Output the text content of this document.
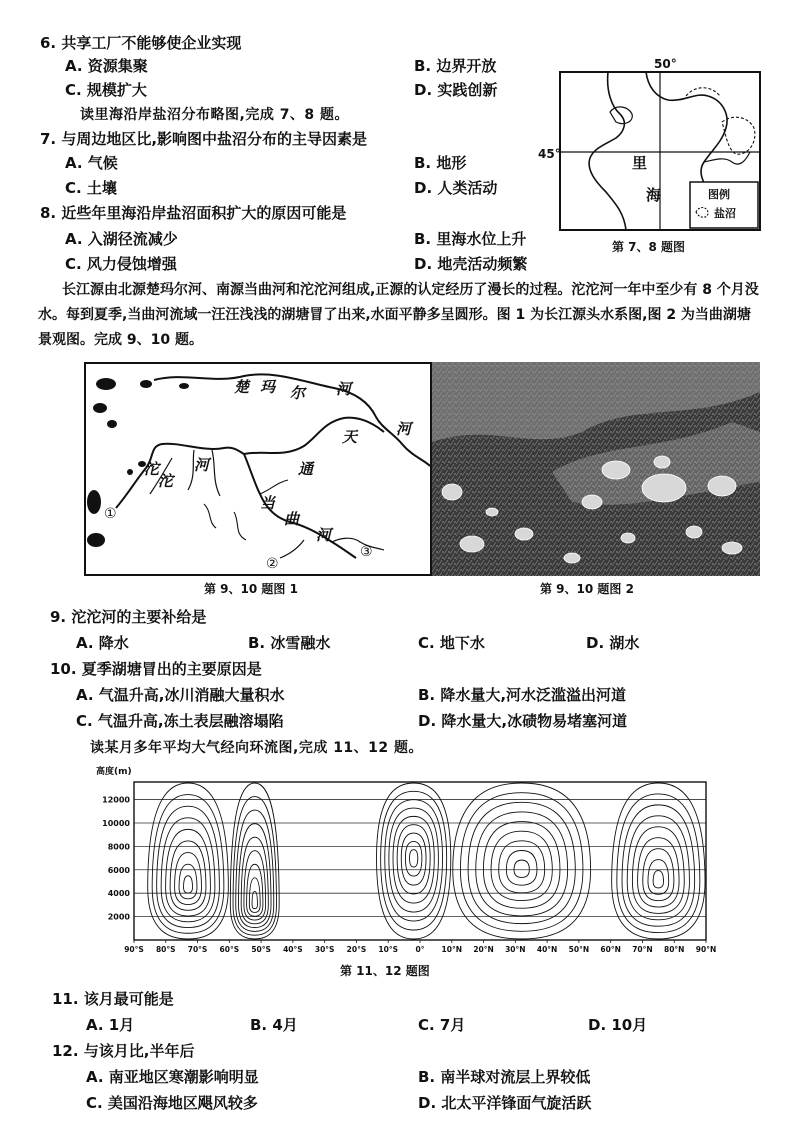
6. 共享工厂不能够使企业实现
A. 资源集聚	B. 边界开放
C. 规模扩大	D. 实践创新
读里海沿岸盐沼分布略图,完成 7、8 题。
7. 与周边地区比,影响图中盐沼分布的主导因素是
A. 气候	B. 地形
C. 土壤	D. 人类活动
8. 近些年里海沿岸盐沼面积扩大的原因可能是
A. 入湖径流减少	B. 里海水位上升
C. 风力侵蚀增强	D. 地壳活动频繁
50°
45°	里
海	图例
盐沼
第 7、8 题图
长江源由北源楚玛尔河、南源当曲河和沱沱河组成,正源的认定经历了漫长的过程。沱沱河一年中至少有 8 个月没水。每到夏季,当曲河流域一汪汪浅浅的湖塘冒了出来,水面平静多呈圆形。图 1 为长江源头水系图,图 2 为当曲湖塘景观图。完成 9、10 题。
楚 玛 尔 河
天	河
通
沱
沱
河
当
曲
河
①
②
③
第 9、10 题图 1	第 9、10 题图 2
9. 沱沱河的主要补给是
A. 降水	B. 冰雪融水	C. 地下水	D. 湖水
10. 夏季湖塘冒出的主要原因是
A. 气温升高,冰川消融大量积水	B. 降水量大,河水泛滥溢出河道
C. 气温升高,冻土表层融溶塌陷	D. 降水量大,冰碛物易堵塞河道
读某月多年平均大气经向环流图,完成 11、12 题。
高度(m)
2000
4000
6000
8000
10000
12000
90°S 80°S 70°S 60°S 50°S 40°S 30°S 20°S 10°S 0° 10°N 20°N 30°N 40°N 50°N 60°N 70°N 80°N 90°N
第 11、12 题图
11. 该月最可能是
A. 1月	B. 4月	C. 7月	D. 10月
12. 与该月比,半年后
A. 南亚地区寒潮影响明显	B. 南半球对流层上界较低
C. 美国沿海地区飓风较多	D. 北太平洋锋面气旋活跃
